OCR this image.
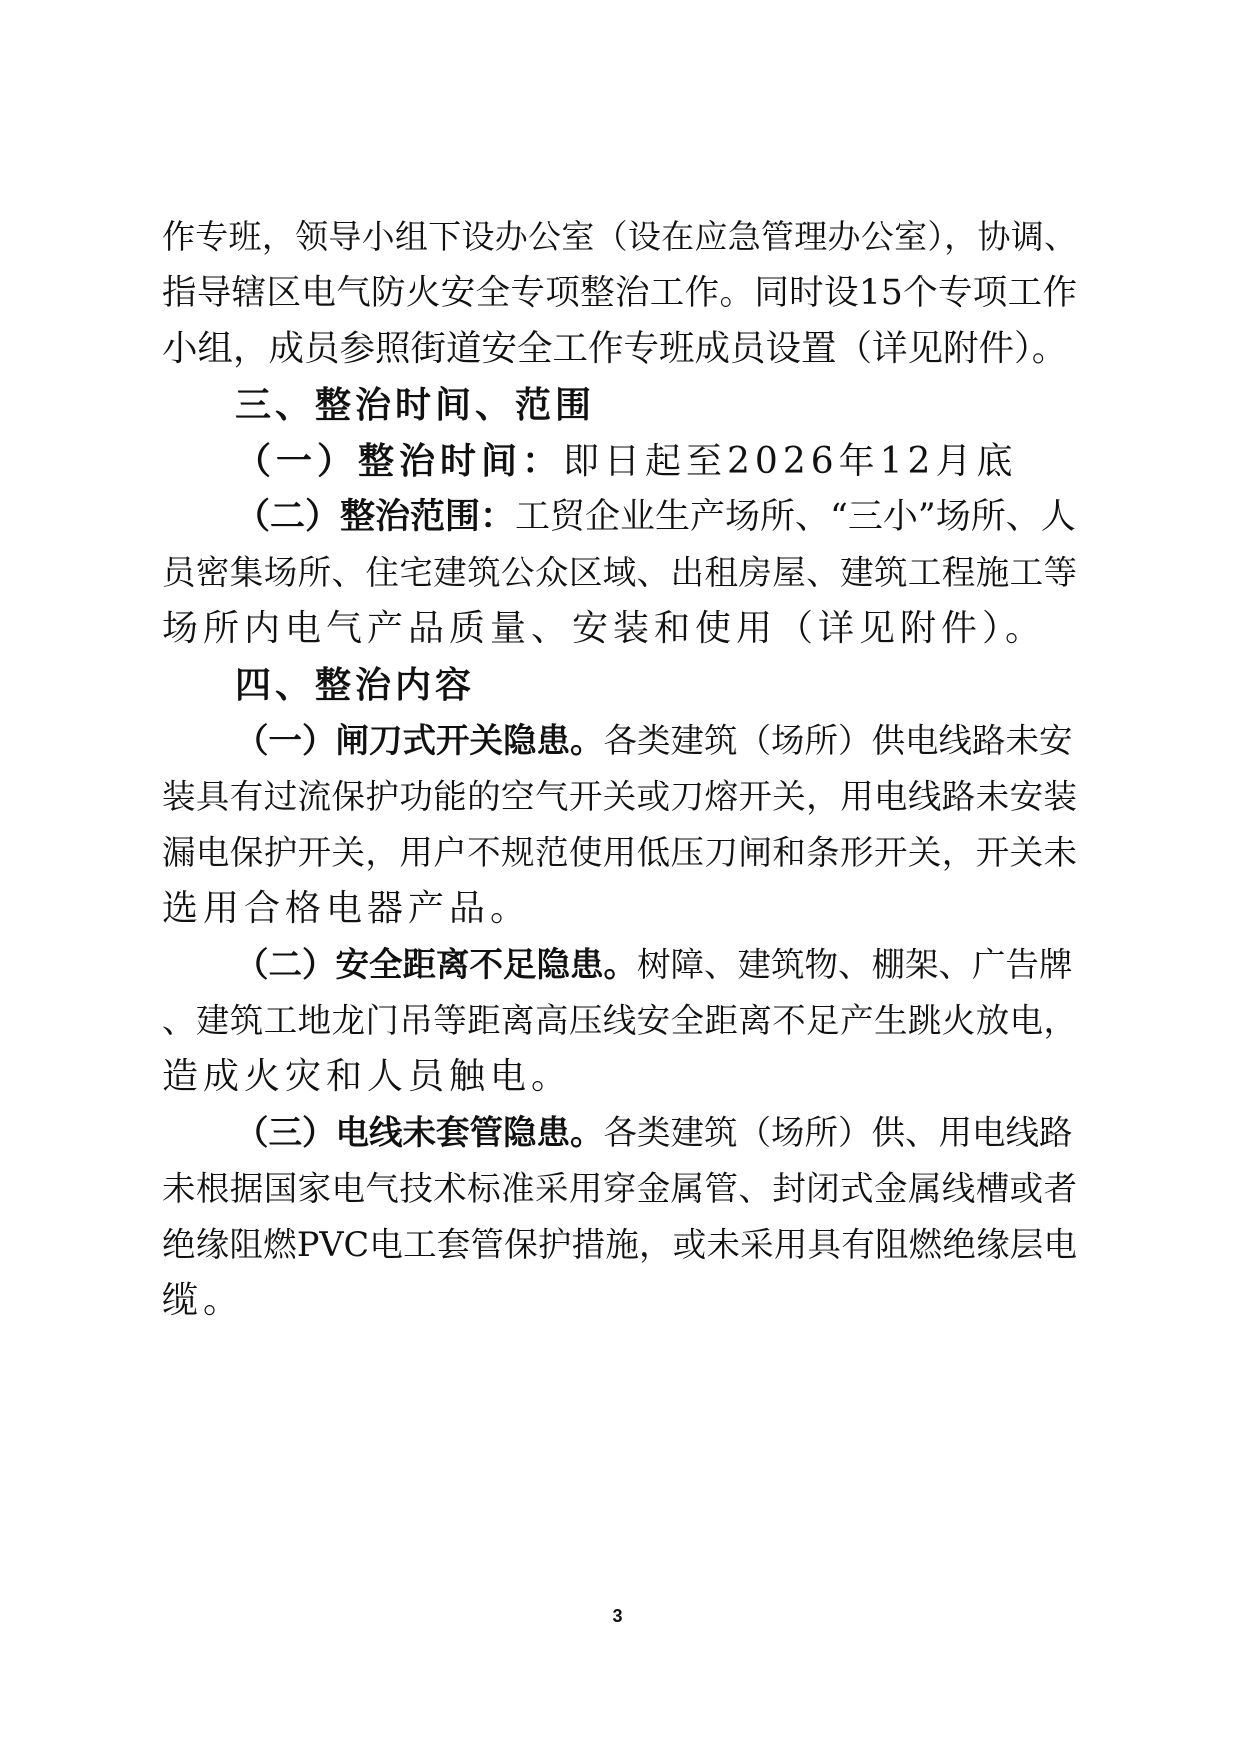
作专班，领导小组下设办公室（设在应急管理办公室），协调、
指导辖区电气防火安全专项整治工作。同时设15个专项工作
小组，成员参照街道安全工作专班成员设置（详见附件）。
三、整治时间、范围
（一）整治时间：即日起至2026年12月底
（二）整治范围：工贸企业生产场所、“三小”场所、人
员密集场所、住宅建筑公众区域、出租房屋、建筑工程施工等
场所内电气产品质量、安装和使用（详见附件）。
四、整治内容
（一）闸刀式开关隐患。各类建筑（场所）供电线路未安
装具有过流保护功能的空气开关或刀熔开关，用电线路未安装
漏电保护开关，用户不规范使用低压刀闸和条形开关，开关未
选用合格电器产品。
（二）安全距离不足隐患。树障、建筑物、棚架、广告牌
、建筑工地龙门吊等距离高压线安全距离不足产生跳火放电，
造成火灾和人员触电。
（三）电线未套管隐患。各类建筑（场所）供、用电线路
未根据国家电气技术标准采用穿金属管、封闭式金属线槽或者
绝缘阻燃PVC电工套管保护措施，或未采用具有阻燃绝缘层电
缆。
3
